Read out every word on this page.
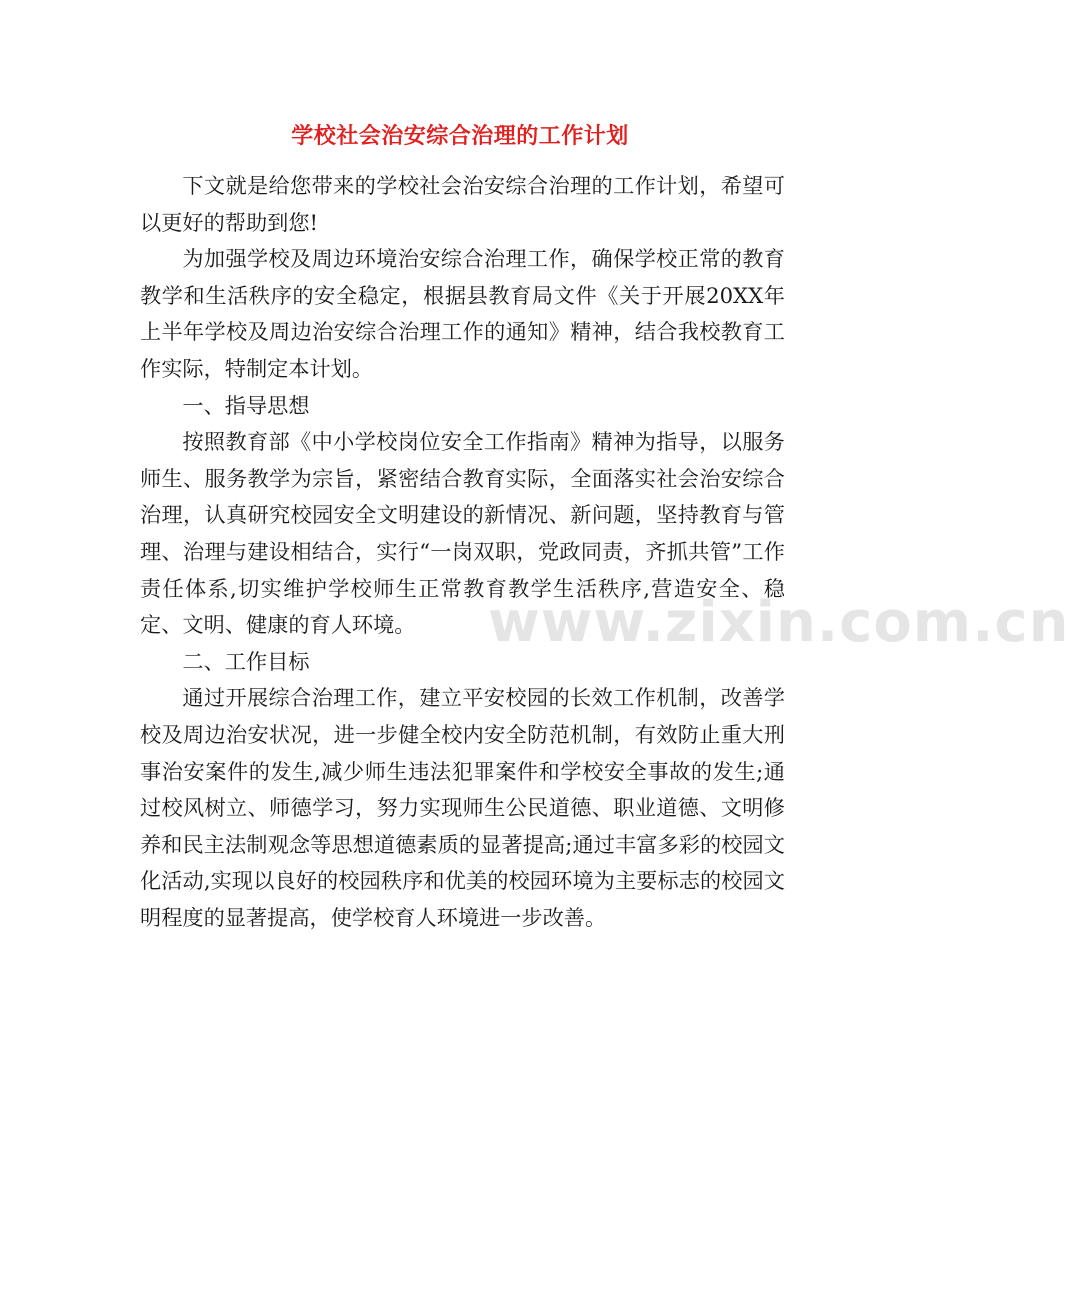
学校社会治安综合治理的工作计划

下文就是给您带来的学校社会治安综合治理的工作计划，希望可以更好的帮助到您!

为加强学校及周边环境治安综合治理工作，确保学校正常的教育教学和生活秩序的安全稳定，根据县教育局文件《关于开展20XX年上半年学校及周边治安综合治理工作的通知》精神，结合我校教育工作实际，特制定本计划。

一、指导思想

按照教育部《中小学校岗位安全工作指南》精神为指导，以服务师生、服务教学为宗旨，紧密结合教育实际，全面落实社会治安综合治理，认真研究校园安全文明建设的新情况、新问题，坚持教育与管理、治理与建设相结合，实行“一岗双职，党政同责，齐抓共管”工作责任体系,切实维护学校师生正常教育教学生活秩序,营造安全、稳定、文明、健康的育人环境。

二、工作目标

通过开展综合治理工作，建立平安校园的长效工作机制，改善学校及周边治安状况，进一步健全校内安全防范机制，有效防止重大刑事治安案件的发生,减少师生违法犯罪案件和学校安全事故的发生;通过校风树立、师德学习，努力实现师生公民道德、职业道德、文明修养和民主法制观念等思想道德素质的显著提高;通过丰富多彩的校园文化活动,实现以良好的校园秩序和优美的校园环境为主要标志的校园文明程度的显著提高，使学校育人环境进一步改善。

www.zixin.com.cn
